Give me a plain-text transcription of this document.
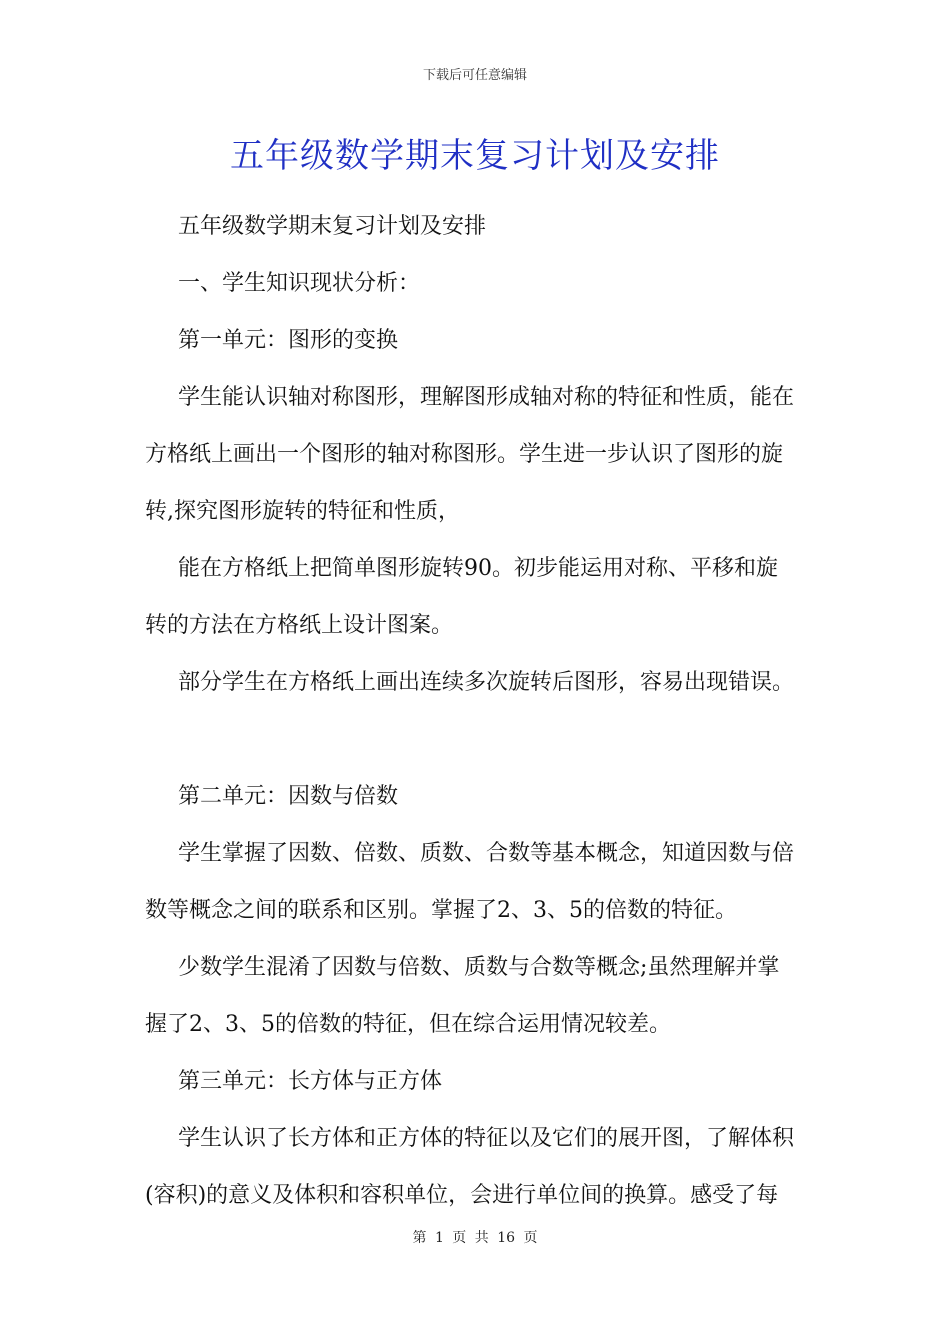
下载后可任意编辑
五年级数学期末复习计划及安排
五年级数学期末复习计划及安排
一、学生知识现状分析：
第一单元：图形的变换
学生能认识轴对称图形，理解图形成轴对称的特征和性质，能在
方格纸上画出一个图形的轴对称图形。学生进一步认识了图形的旋
转,探究图形旋转的特征和性质，
能在方格纸上把简单图形旋转90。初步能运用对称、平移和旋
转的方法在方格纸上设计图案。
部分学生在方格纸上画出连续多次旋转后图形，容易出现错误。
第二单元：因数与倍数
学生掌握了因数、倍数、质数、合数等基本概念，知道因数与倍
数等概念之间的联系和区别。掌握了2、3、5的倍数的特征。
少数学生混淆了因数与倍数、质数与合数等概念;虽然理解并掌
握了2、3、5的倍数的特征，但在综合运用情况较差。
第三单元：长方体与正方体
学生认识了长方体和正方体的特征以及它们的展开图，了解体积
(容积)的意义及体积和容积单位，会进行单位间的换算。感受了每
第 1 页 共 16 页
